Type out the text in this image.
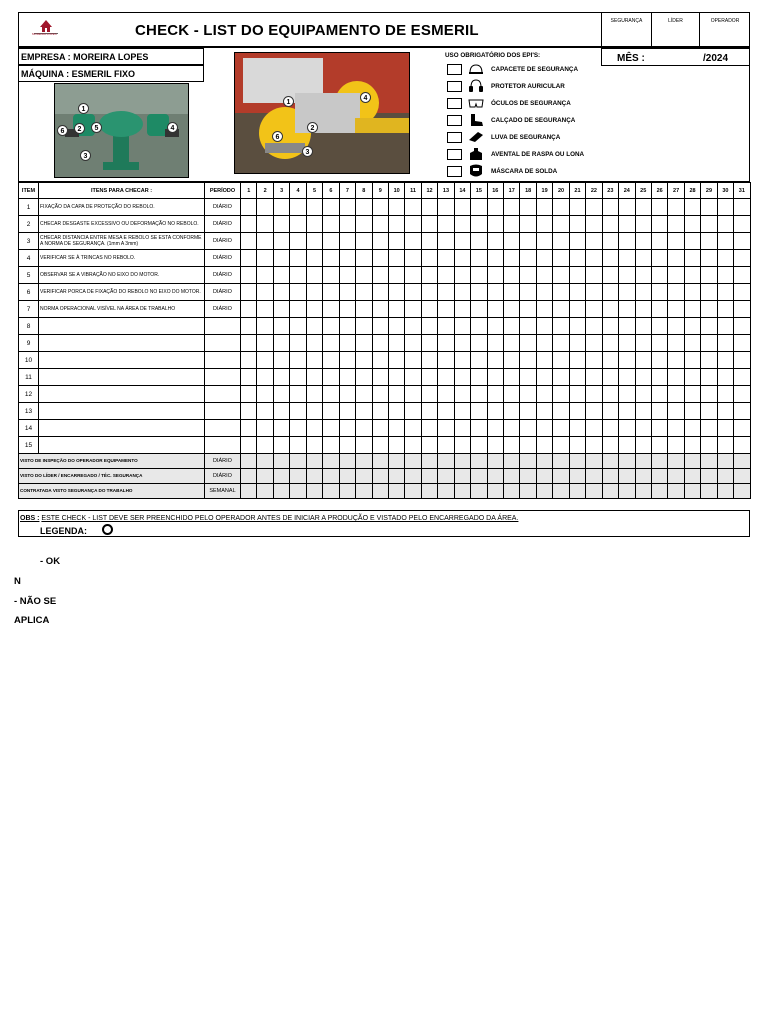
MOREIRA LOPES	CHECK - LIST DO EQUIPAMENTO DE ESMERIL
SEGURANÇA	LÍDER	OPERADOR
EMPRESA : MOREIRA LOPES
MÁQUINA : ESMERIL FIXO
1
2	5
6	4
3
1
4
2
6
3
USO OBRIGATÓRIO DOS EPI'S:
CAPACETE DE SEGURANÇA
PROTETOR AURICULAR
ÓCULOS DE SEGURANÇA
CALÇADO DE SEGURANÇA
LUVA DE SEGURANÇA
AVENTAL DE RASPA OU LONA
MÁSCARA DE SOLDA
MÊS :	/2024
ITEM	ITENS PARA CHECAR :	PERÍODO	1	2	3	4	5	6	7	8	9	10	11	12	13	14	15	16	17	18	19	20	21	22	23	24	25	26	27	28	29	30	31
1	FIXAÇÃO DA CAPA DE PROTEÇÃO DO REBOLO.	DIÁRIO																															
2	CHECAR DESGASTE EXCESSIVO OU DEFORMAÇÃO NO REBOLO.	DIÁRIO																															
3	CHECAR DISTANCIA ENTRE MESA E REBOLO SE ESTA CONFORME A NORMA DE SEGURANÇA. (1mm A 3mm)	DIÁRIO																															
4	VERIFICAR SE À TRINCAS NO REBOLO.	DIÁRIO																															
5	OBSERVAR SE A VIBRAÇÃO NO EIXO DO MOTOR.	DIÁRIO																															
6	VERIFICAR PORCA DE FIXAÇÃO DO REBOLO NO EIXO DO MOTOR.	DIÁRIO																															
7	NORMA OPERACIONAL VISÍVEL NA ÁREA DE TRABALHO	DIÁRIO																															
8																																	
9																																	
10																																	
11																																	
12																																	
13																																	
14																																	
15																																	
VISTO DE INSPEÇÃO DO OPERADOR EQUIPAMENTO		DIÁRIO																															
VISTO DO LÍDER / ENCARREGADO / TÉC. SEGURANÇA		DIÁRIO																															
CONTRATADA VISTO SEGURANÇA DO TRABALHO		SEMANAL																															
OBS : ESTE CHECK - LIST DEVE SER PREENCHIDO PELO OPERADOR ANTES DE INICIAR A PRODUÇÃO E VISTADO PELO ENCARREGADO DA ÁREA.
LEGENDA:
- OK
N
- NÃO SE
APLICA
